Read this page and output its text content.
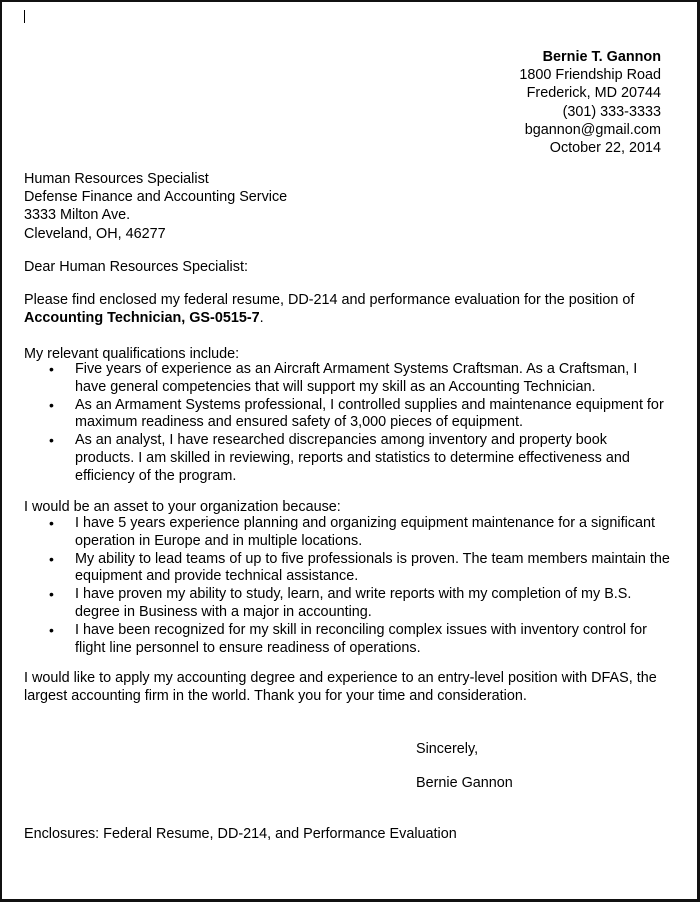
Bernie T. Gannon
1800 Friendship Road
Frederick, MD 20744
(301) 333-3333
bgannon@gmail.com
October 22, 2014
Human Resources Specialist
Defense Finance and Accounting Service
3333 Milton Ave.
Cleveland, OH, 46277
Dear Human Resources Specialist:
Please find enclosed my federal resume, DD-214 and performance evaluation for the position of Accounting Technician, GS-0515-7.
My relevant qualifications include:
• Five years of experience as an Aircraft Armament Systems Craftsman. As a Craftsman, I have general competencies that will support my skill as an Accounting Technician.
• As an Armament Systems professional, I controlled supplies and maintenance equipment for maximum readiness and ensured safety of 3,000 pieces of equipment.
• As an analyst, I have researched discrepancies among inventory and property book products. I am skilled in reviewing, reports and statistics to determine effectiveness and efficiency of the program.
I would be an asset to your organization because:
• I have 5 years experience planning and organizing equipment maintenance for a significant operation in Europe and in multiple locations.
• My ability to lead teams of up to five professionals is proven. The team members maintain the equipment and provide technical assistance.
• I have proven my ability to study, learn, and write reports with my completion of my B.S. degree in Business with a major in accounting.
• I have been recognized for my skill in reconciling complex issues with inventory control for flight line personnel to ensure readiness of operations.
I would like to apply my accounting degree and experience to an entry-level position with DFAS, the largest accounting firm in the world. Thank you for your time and consideration.
Sincerely,
Bernie Gannon
Enclosures: Federal Resume, DD-214, and Performance Evaluation
